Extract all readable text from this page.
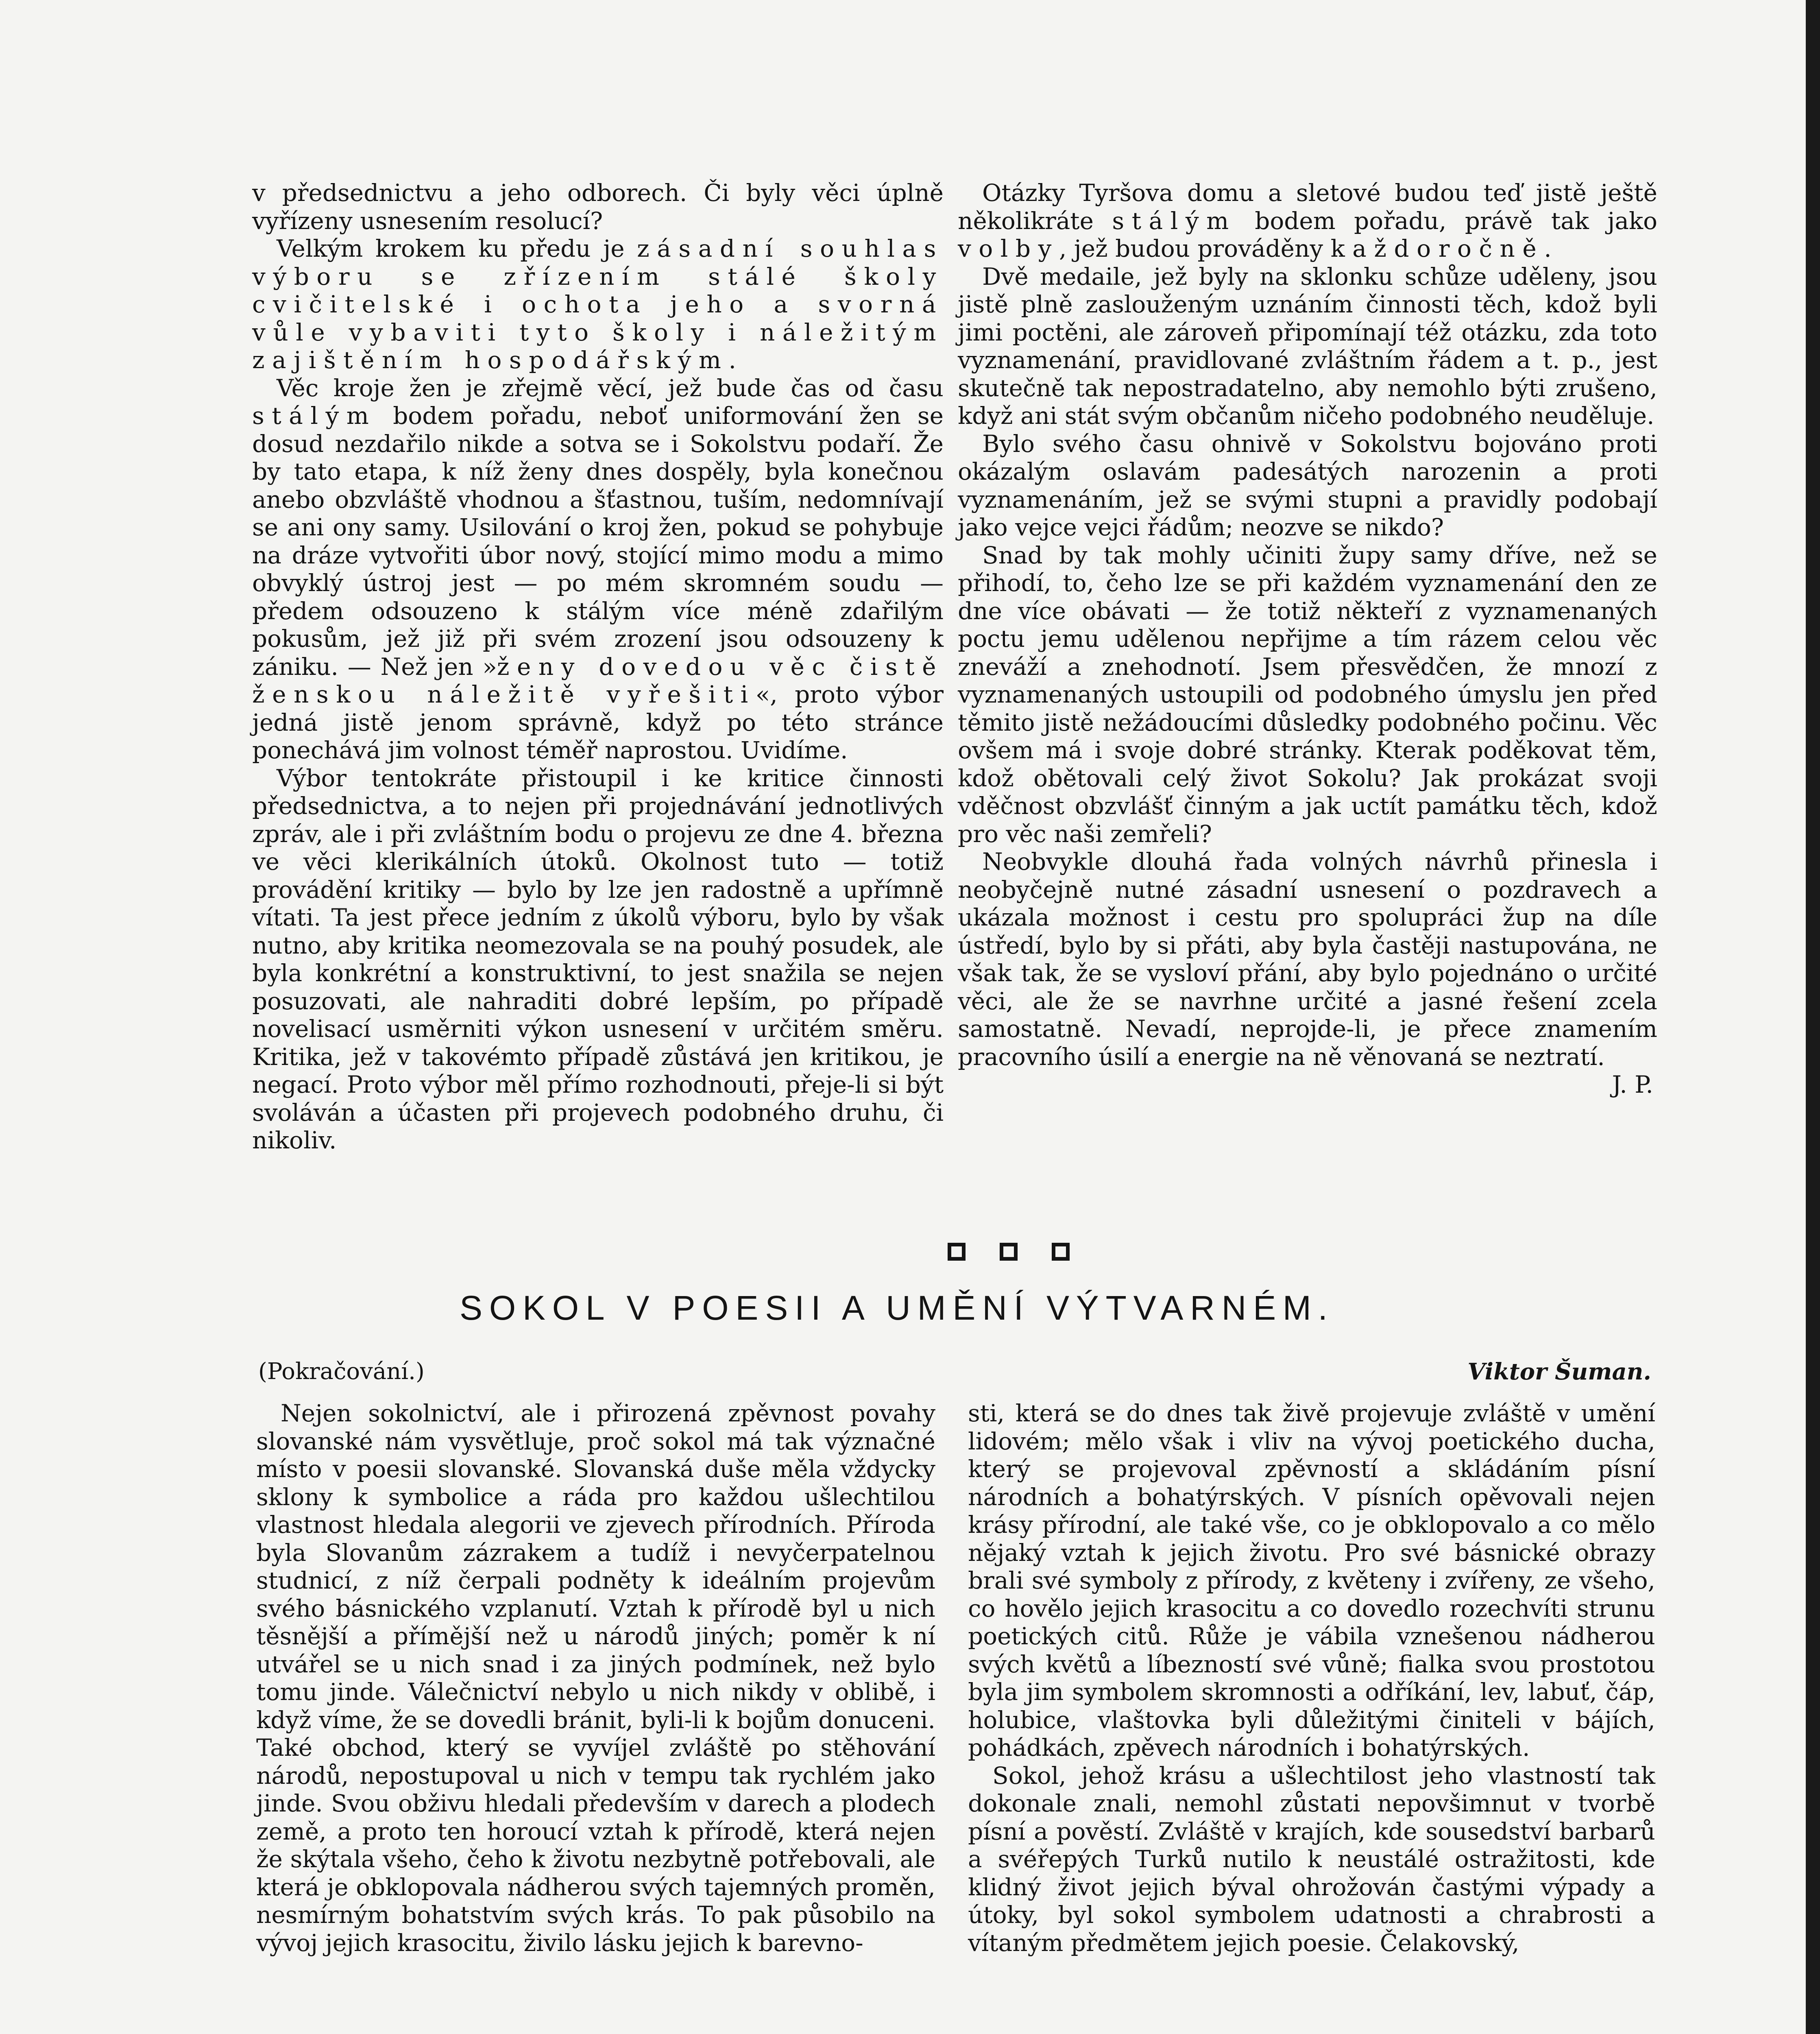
v předsednictvu a jeho odborech. Či byly věci úplně vyřízeny usnesením resolucí?

Velkým krokem ku předu je zásadní souhlas výboru se zřízením stálé školy cvičitelské i ochota jeho a svorná vůle vybaviti tyto školy i náležitým zajištěním hospodářským.

Věc kroje žen je zřejmě věcí, jež bude čas od času stálým bodem pořadu, neboť uniformování žen se dosud nezdařilo nikde a sotva se i Sokolstvu podaří. Že by tato etapa, k níž ženy dnes dospěly, byla konečnou anebo obzvláště vhodnou a šťastnou, tuším, nedomnívají se ani ony samy. Usilování o kroj žen, pokud se pohybuje na dráze vytvořiti úbor nový, stojící mimo modu a mimo obvyklý ústroj jest — po mém skromném soudu — předem odsouzeno k stálým více méně zdařilým pokusům, jež již při svém zrození jsou odsouzeny k zániku. — Než jen »ženy dovedou věc čistě ženskou náležitě vyřešiti«, proto výbor jedná jistě jenom správně, když po této stránce ponechává jim volnost téměř naprostou. Uvidíme.

Výbor tentokráte přistoupil i ke kritice činnosti předsednictva, a to nejen při projednávání jednotlivých zpráv, ale i při zvláštním bodu o projevu ze dne 4. března ve věci klerikálních útoků. Okolnost tuto — totiž provádění kritiky — bylo by lze jen radostně a upřímně vítati. Ta jest přece jedním z úkolů výboru, bylo by však nutno, aby kritika neomezovala se na pouhý posudek, ale byla konkrétní a konstruktivní, to jest snažila se nejen posuzovati, ale nahraditi dobré lepším, po případě novelisací usměrniti výkon usnesení v určitém směru. Kritika, jež v takovémto případě zůstává jen kritikou, je negací. Proto výbor měl přímo rozhodnouti, přeje-li si být svoláván a účasten při projevech podobného druhu, či nikoliv.

Otázky Tyršova domu a sletové budou teď jistě ještě několikráte stálým bodem pořadu, právě tak jako volby, jež budou prováděny každoročně.

Dvě medaile, jež byly na sklonku schůze uděleny, jsou jistě plně zaslouženým uznáním činnosti těch, kdož byli jimi poctěni, ale zároveň připomínají též otázku, zda toto vyznamenání, pravidlované zvláštním řádem a t. p., jest skutečně tak nepostradatelno, aby nemohlo býti zrušeno, když ani stát svým občanům ničeho podobného neuděluje.

Bylo svého času ohnivě v Sokolstvu bojováno proti okázalým oslavám padesátých narozenin a proti vyznamenáním, jež se svými stupni a pravidly podobají jako vejce vejci řádům; neozve se nikdo?

Snad by tak mohly učiniti župy samy dříve, než se přihodí, to, čeho lze se při každém vyznamenání den ze dne více obávati — že totiž někteří z vyznamenaných poctu jemu udělenou nepřijme a tím rázem celou věc zneváží a znehodnotí. Jsem přesvědčen, že mnozí z vyznamenaných ustoupili od podobného úmyslu jen před těmito jistě nežádoucími důsledky podobného počinu. Věc ovšem má i svoje dobré stránky. Kterak poděkovat těm, kdož obětovali celý život Sokolu? Jak prokázat svoji vděčnost obzvlášť činným a jak uctít památku těch, kdož pro věc naši zemřeli?

Neobvykle dlouhá řada volných návrhů přinesla i neobyčejně nutné zásadní usnesení o pozdravech a ukázala možnost i cestu pro spolupráci žup na díle ústředí, bylo by si přáti, aby byla častěji nastupována, ne však tak, že se vysloví přání, aby bylo pojednáno o určité věci, ale že se navrhne určité a jasné řešení zcela samostatně. Nevadí, neprojde-li, je přece znamením pracovního úsilí a energie na ně věnovaná se neztratí.

J. P.
SOKOL V POESII A UMĚNÍ VÝTVARNÉM.
(Pokračování.)	Viktor Šuman.

Nejen sokolnictví, ale i přirozená zpěvnost povahy slovanské nám vysvětluje, proč sokol má tak význačné místo v poesii slovanské. Slovanská duše měla vždycky sklony k symbolice a ráda pro každou ušlechtilou vlastnost hledala alegorii ve zjevech přírodních. Příroda byla Slovanům zázrakem a tudíž i nevyčerpatelnou studnicí, z níž čerpali podněty k ideálním projevům svého básnického vzplanutí. Vztah k přírodě byl u nich těsnější a přímější než u národů jiných; poměr k ní utvářel se u nich snad i za jiných podmínek, než bylo tomu jinde. Válečnictví nebylo u nich nikdy v oblibě, i když víme, že se dovedli bránit, byli-li k bojům donuceni. Také obchod, který se vyvíjel zvláště po stěhování národů, nepostupoval u nich v tempu tak rychlém jako jinde. Svou obživu hledali především v darech a plodech země, a proto ten horoucí vztah k přírodě, která nejen že skýtala všeho, čeho k životu nezbytně potřebovali, ale která je obklopovala nádherou svých tajemných proměn, nesmírným bohatstvím svých krás. To pak působilo na vývoj jejich krasocitu, živilo lásku jejich k barevno-

sti, která se do dnes tak živě projevuje zvláště v umění lidovém; mělo však i vliv na vývoj poetického ducha, který se projevoval zpěvností a skládáním písní národních a bohatýrských. V písních opěvovali nejen krásy přírodní, ale také vše, co je obklopovalo a co mělo nějaký vztah k jejich životu. Pro své básnické obrazy brali své symboly z přírody, z květeny i zvířeny, ze všeho, co hovělo jejich krasocitu a co dovedlo rozechvíti strunu poetických citů. Růže je vábila vznešenou nádherou svých květů a líbezností své vůně; fialka svou prostotou byla jim symbolem skromnosti a odříkání, lev, labuť, čáp, holubice, vlaštovka byli důležitými činiteli v bájích, pohádkách, zpěvech národních i bohatýrských.

Sokol, jehož krásu a ušlechtilost jeho vlastností tak dokonale znali, nemohl zůstati nepovšimnut v tvorbě písní a pověstí. Zvláště v krajích, kde sousedství barbarů a svéřepých Turků nutilo k neustálé ostražitosti, kde klidný život jejich býval ohrožován častými výpady a útoky, byl sokol symbolem udatnosti a chrabrosti a vítaným předmětem jejich poesie. Čelakovský,
